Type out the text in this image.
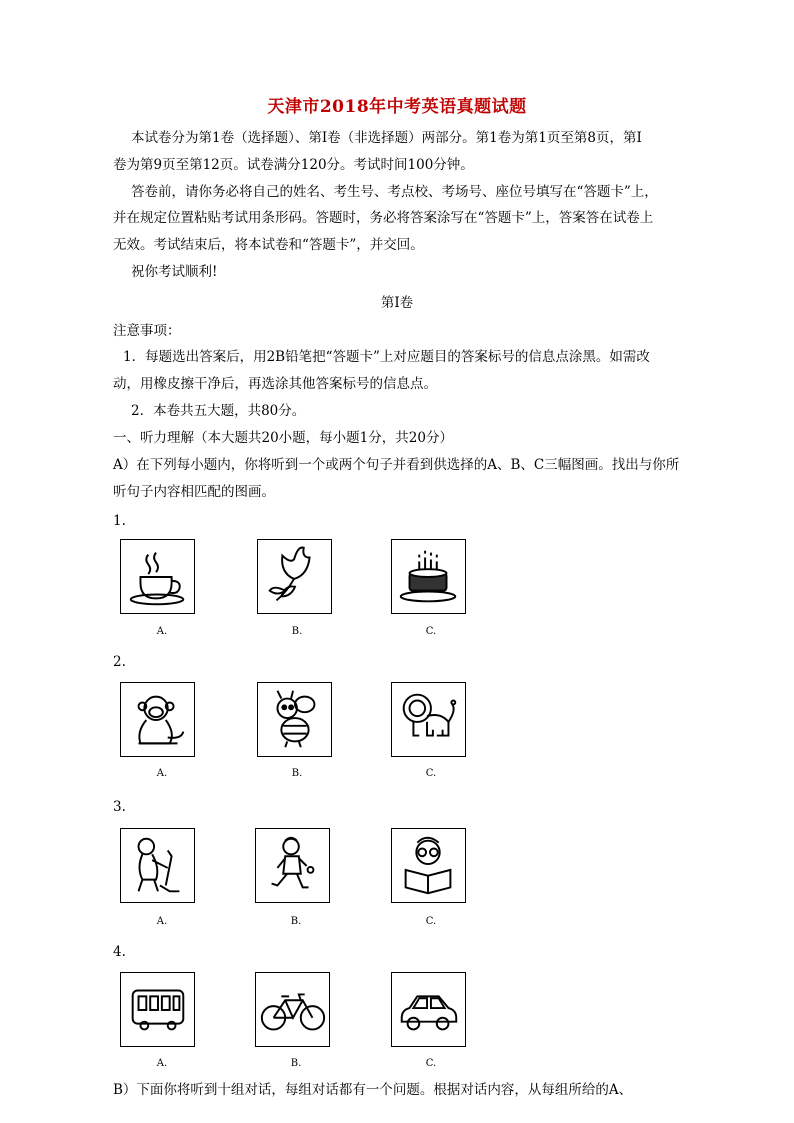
天津市2018年中考英语真题试题
本试卷分为第1卷（选择题）、第I卷（非选择题）两部分。第1卷为第1页至第8页，第I
卷为第9页至第12页。试卷满分120分。考试时间100分钟。
答卷前，请你务必将自己的姓名、考生号、考点校、考场号、座位号填写在“答题卡”上，
并在规定位置粘贴考试用条形码。答题时，务必将答案涂写在“答题卡”上，答案答在试卷上
无效。考试结束后，将本试卷和“答题卡”，并交回。
祝你考试顺利!
第I卷
注意事项：
1．每题选出答案后，用2B铅笔把“答题卡”上对应题目的答案标号的信息点涂黑。如需改
动，用橡皮擦干净后，再选涂其他答案标号的信息点。
2．本卷共五大题，共80分。
一、听力理解（本大题共20小题，每小题1分，共20分）
A）在下列每小题内，你将听到一个或两个句子并看到供选择的A、B、C三幅图画。找出与你所
听句子内容相匹配的图画。
1.
A.	B.	C.
2.
A.	B.	C.
3.
A.	B.	C.
4.
A.	B.	C.
B）下面你将听到十组对话，每组对话都有一个问题。根据对话内容，从每组所给的A、
